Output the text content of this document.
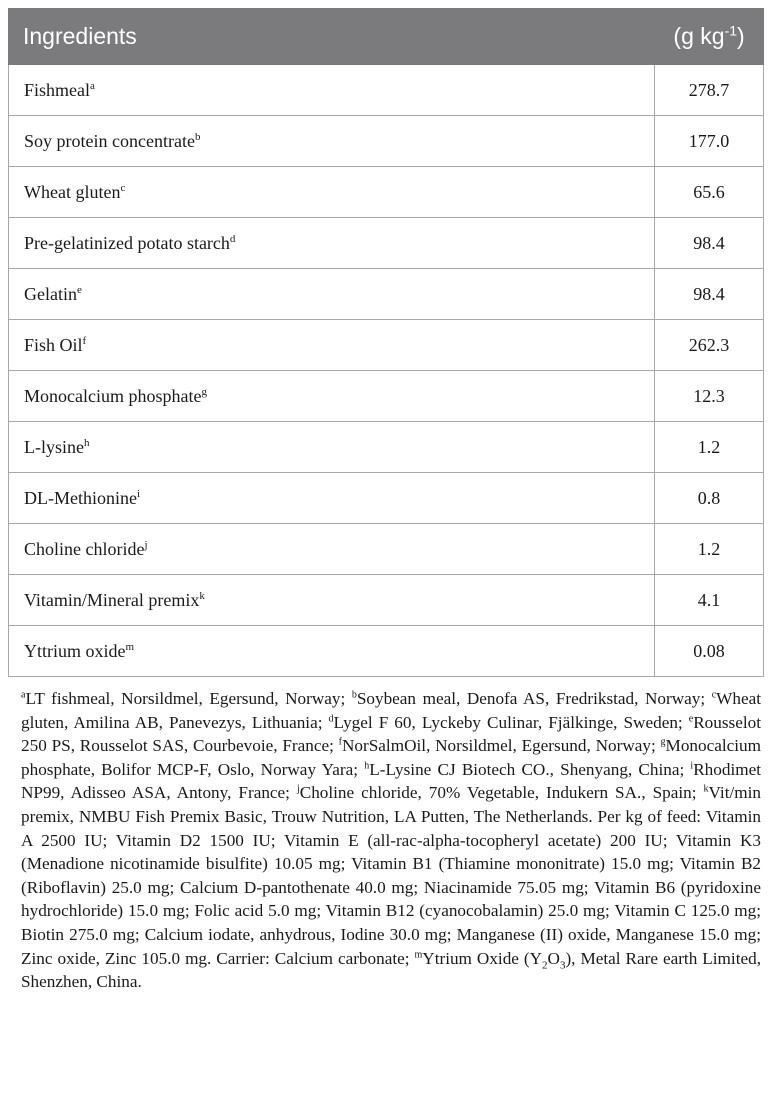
Ingredients	(g $kg^{-1}$)
Fishmeal$^a$	278.7
Soy protein concentrate$^b$	177.0
Wheat gluten$^c$	65.6
Pre-gelatinized potato starch$^d$	98.4
Gelatin$^e$	98.4
Fish Oil$^f$	262.3
Monocalcium phosphate$^g$	12.3
L-lysine$^h$	1.2
DL-Methionine$^i$	0.8
Choline chloride$^j$	1.2
Vitamin/Mineral premix$^k$	4.1
Yttrium oxide$^m$	0.08
$^a$LT fishmeal, Norsildmel, Egersund, Norway; $^b$Soybean meal, Denofa AS, Fredrikstad, Norway; $^c$Wheat gluten, Amilina AB, Panevezys, Lithuania; $^d$Lygel F 60, Lyckeby Culinar, Fjälkinge, Sweden; $^e$Rousselot 250 PS, Rousselot SAS, Courbevoie, France; $^f$NorSalmOil, Norsildmel, Egersund, Norway; $^g$Monocalcium phosphate, Bolifor MCP-F, Oslo, Norway Yara; $^h$L-Lysine CJ Biotech CO., Shenyang, China; $^i$Rhodimet NP99, Adisseo ASA, Antony, France; $^j$Choline chloride, 70% Vegetable, Indukern SA., Spain; $^k$Vit/min premix, NMBU Fish Premix Basic, Trouw Nutrition, LA Putten, The Netherlands. Per kg of feed: Vitamin A 2500 IU; Vitamin D2 1500 IU; Vitamin E (all-rac-alpha-tocopheryl acetate) 200 IU; Vitamin K3 (Menadione nicotinamide bisulfite) 10.05 mg; Vitamin B1 (Thiamine mononitrate) 15.0 mg; Vitamin B2 (Riboflavin) 25.0 mg; Calcium D-pantothenate 40.0 mg; Niacinamide 75.05 mg; Vitamin B6 (pyridoxine hydrochloride) 15.0 mg; Folic acid 5.0 mg; Vitamin B12 (cyanocobalamin) 25.0 mg; Vitamin C 125.0 mg; Biotin 275.0 mg; Calcium iodate, anhydrous, Iodine 30.0 mg; Manganese (II) oxide, Manganese 15.0 mg; Zinc oxide, Zinc 105.0 mg. Carrier: Calcium carbonate; $^m$Ytrium Oxide $(Y_2O_3)$, Metal Rare earth Limited, Shenzhen, China.
